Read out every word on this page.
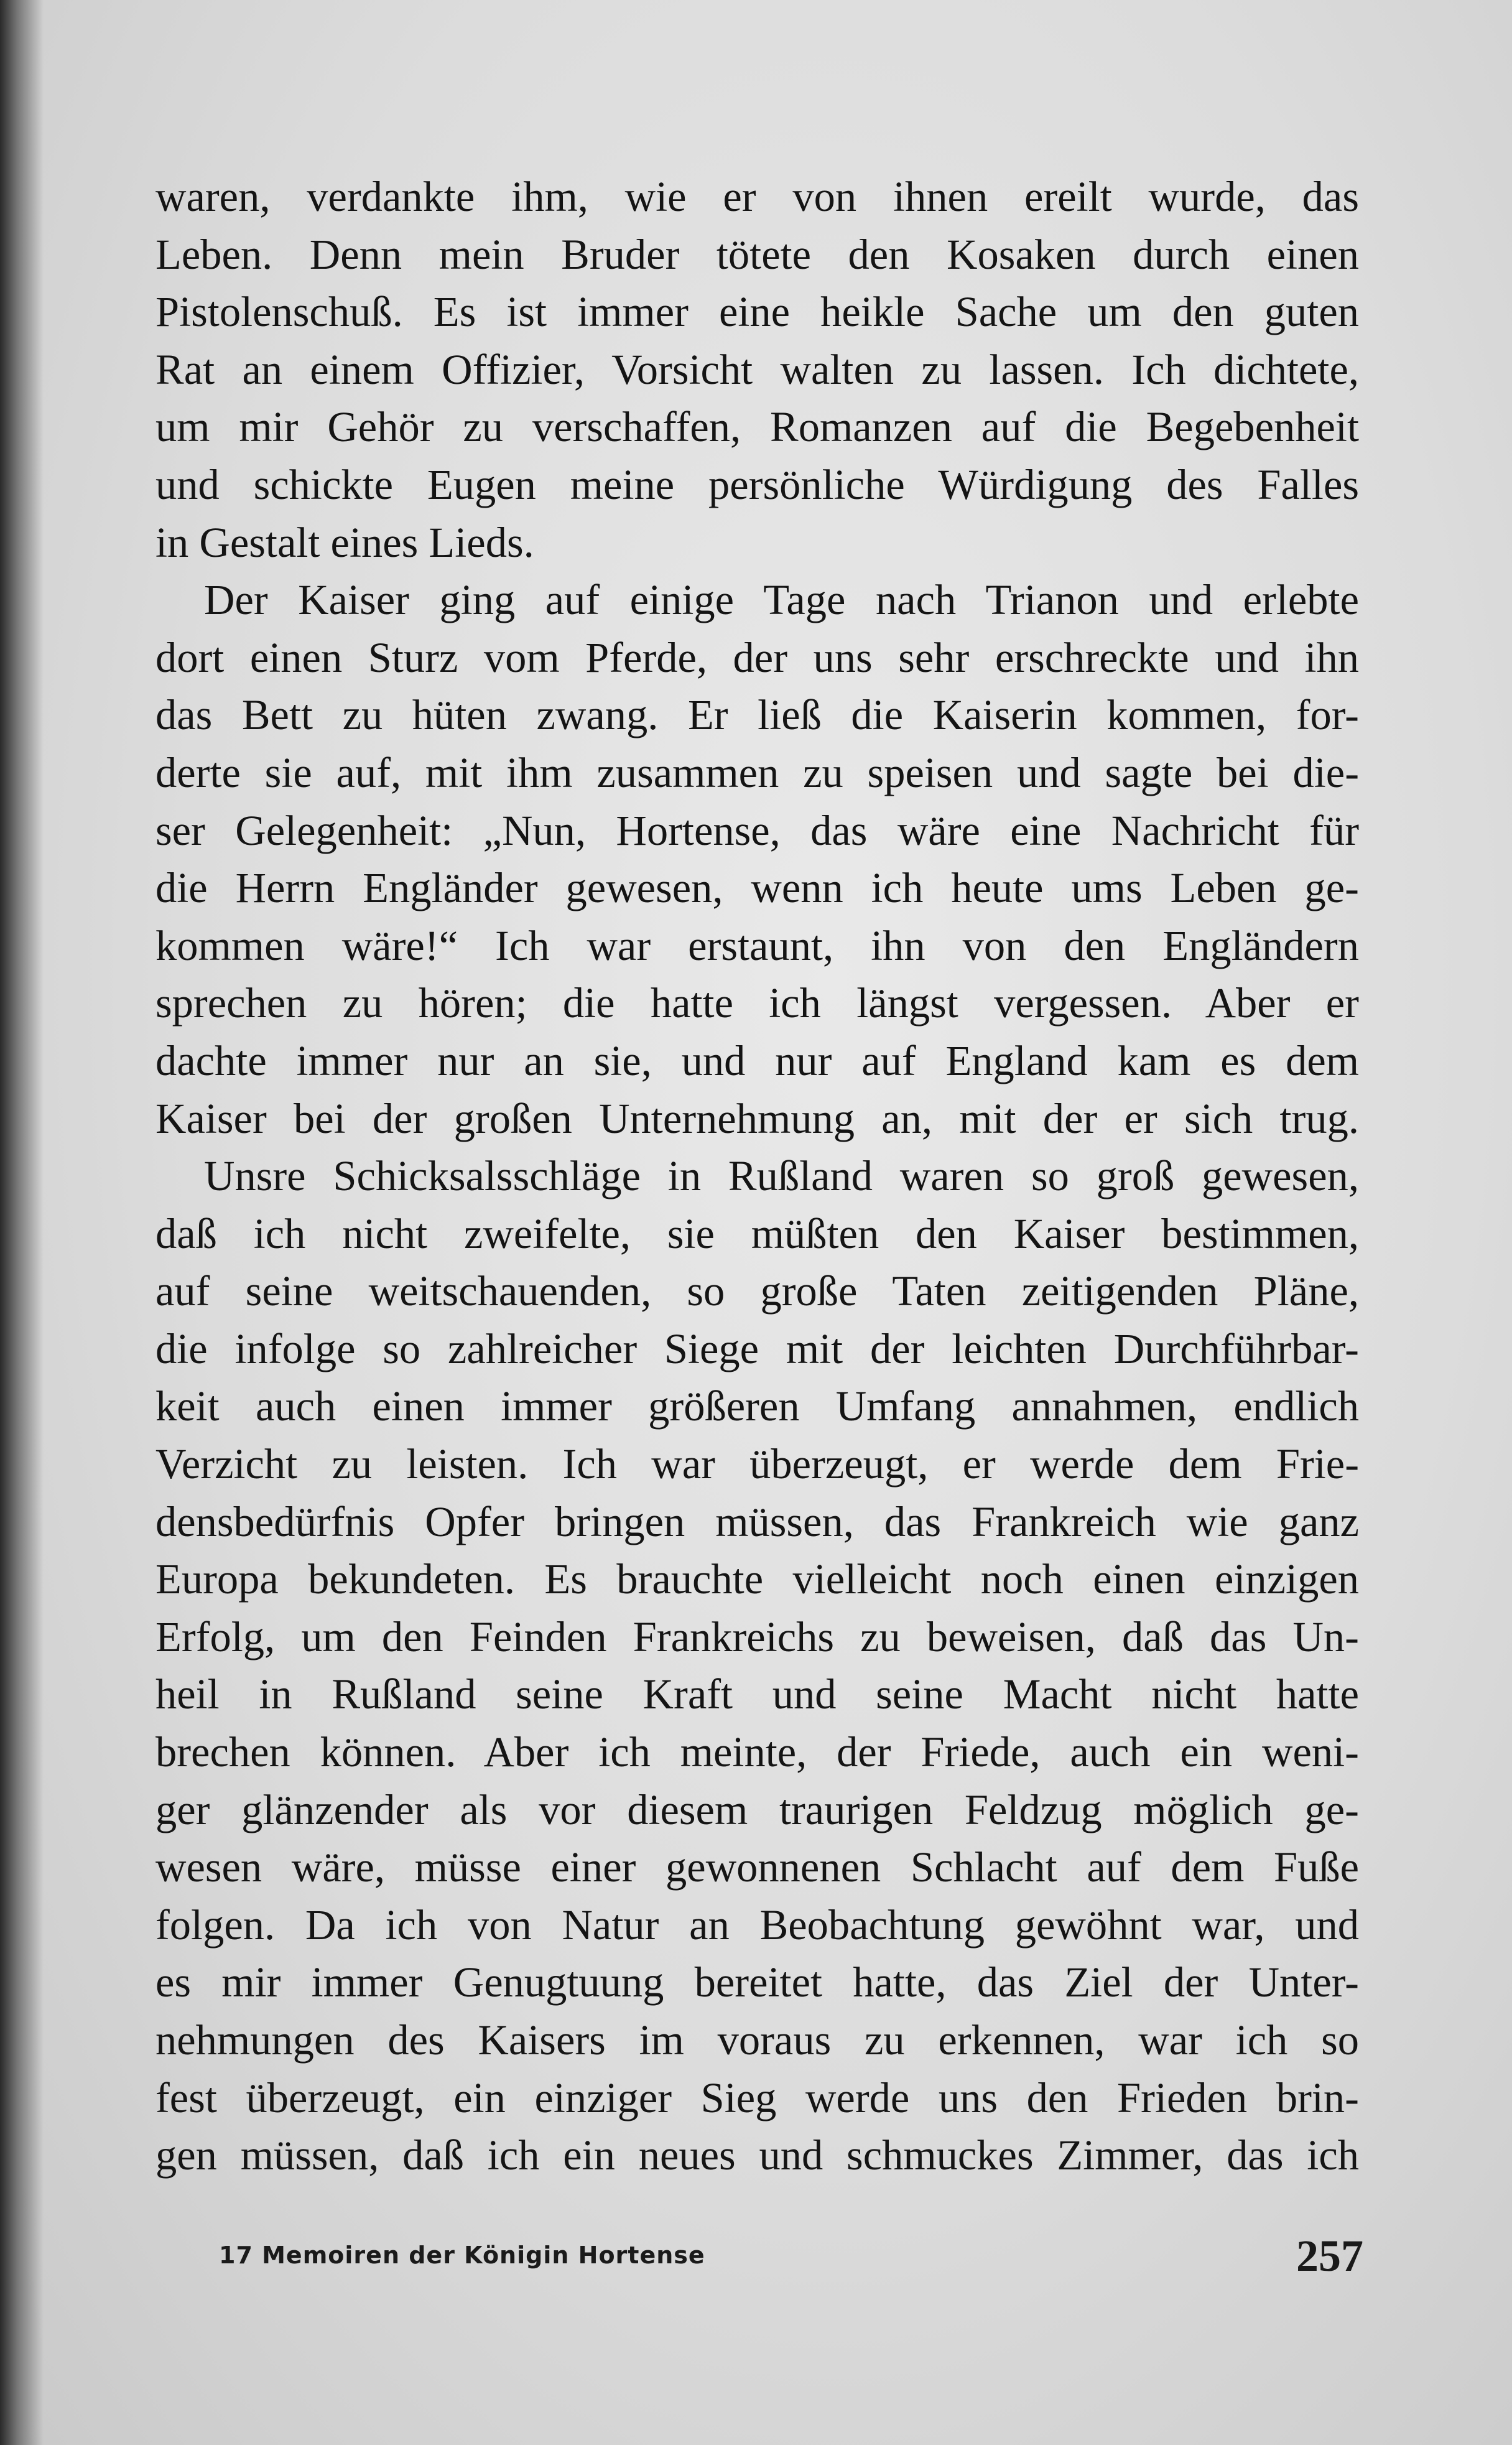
waren, verdankte ihm, wie er von ihnen ereilt wurde, das
Leben. Denn mein Bruder tötete den Kosaken durch einen
Pistolenschuß. Es ist immer eine heikle Sache um den guten
Rat an einem Offizier, Vorsicht walten zu lassen. Ich dichtete,
um mir Gehör zu verschaffen, Romanzen auf die Begebenheit
und schickte Eugen meine persönliche Würdigung des Falles
in Gestalt eines Lieds.
Der Kaiser ging auf einige Tage nach Trianon und erlebte
dort einen Sturz vom Pferde, der uns sehr erschreckte und ihn
das Bett zu hüten zwang. Er ließ die Kaiserin kommen, for-
derte sie auf, mit ihm zusammen zu speisen und sagte bei die-
ser Gelegenheit: „Nun, Hortense, das wäre eine Nachricht für
die Herrn Engländer gewesen, wenn ich heute ums Leben ge-
kommen wäre!“ Ich war erstaunt, ihn von den Engländern
sprechen zu hören; die hatte ich längst vergessen. Aber er
dachte immer nur an sie, und nur auf England kam es dem
Kaiser bei der großen Unternehmung an, mit der er sich trug.
Unsre Schicksalsschläge in Rußland waren so groß gewesen,
daß ich nicht zweifelte, sie müßten den Kaiser bestimmen,
auf seine weitschauenden, so große Taten zeitigenden Pläne,
die infolge so zahlreicher Siege mit der leichten Durchführbar-
keit auch einen immer größeren Umfang annahmen, endlich
Verzicht zu leisten. Ich war überzeugt, er werde dem Frie-
densbedürfnis Opfer bringen müssen, das Frankreich wie ganz
Europa bekundeten. Es brauchte vielleicht noch einen einzigen
Erfolg, um den Feinden Frankreichs zu beweisen, daß das Un-
heil in Rußland seine Kraft und seine Macht nicht hatte
brechen können. Aber ich meinte, der Friede, auch ein weni-
ger glänzender als vor diesem traurigen Feldzug möglich ge-
wesen wäre, müsse einer gewonnenen Schlacht auf dem Fuße
folgen. Da ich von Natur an Beobachtung gewöhnt war, und
es mir immer Genugtuung bereitet hatte, das Ziel der Unter-
nehmungen des Kaisers im voraus zu erkennen, war ich so
fest überzeugt, ein einziger Sieg werde uns den Frieden brin-
gen müssen, daß ich ein neues und schmuckes Zimmer, das ich
17 Memoiren der Königin Hortense	257
